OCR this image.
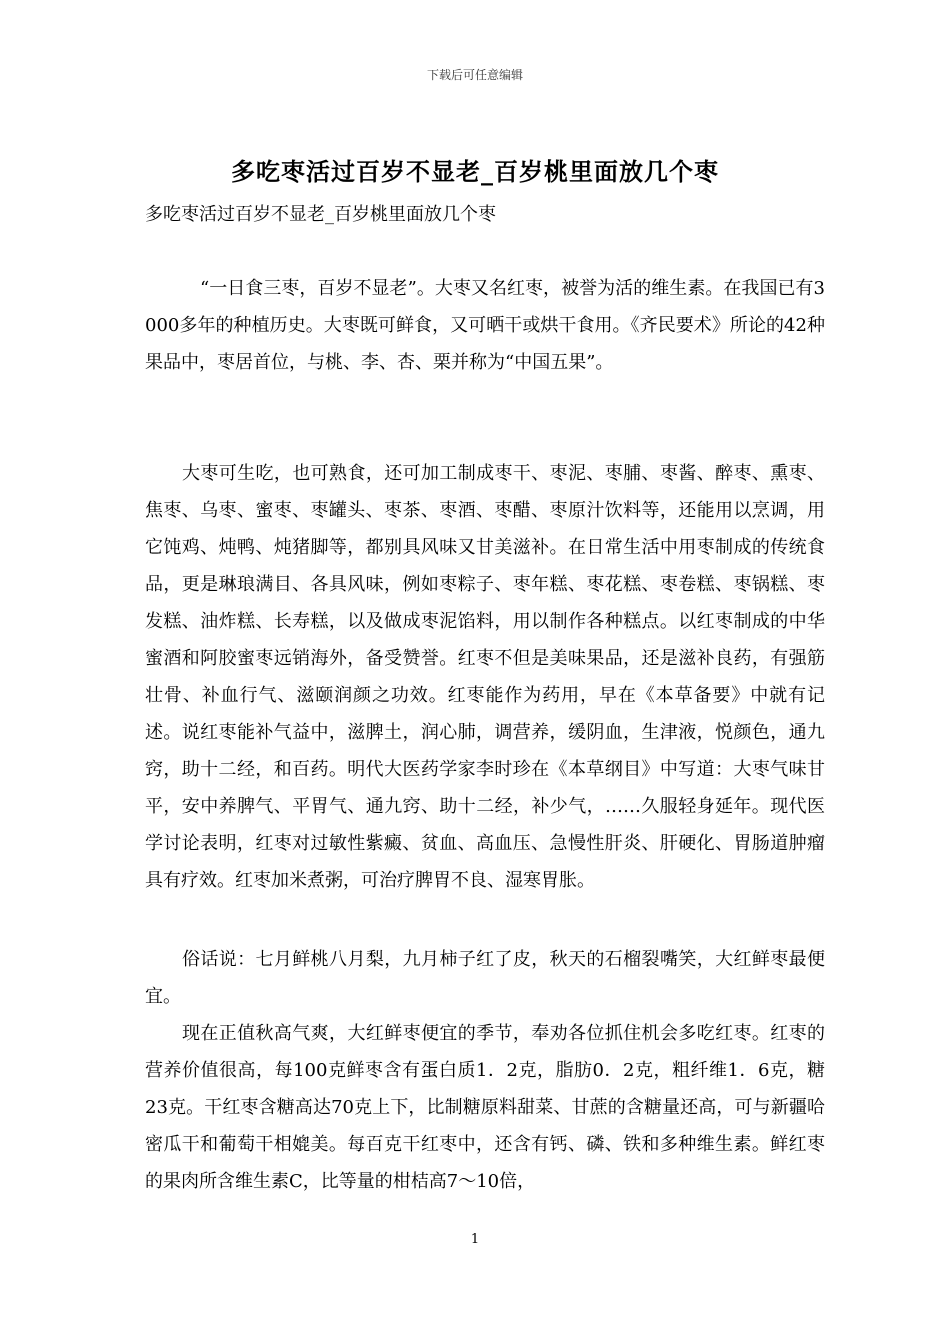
下载后可任意编辑
多吃枣活过百岁不显老_百岁桃里面放几个枣
多吃枣活过百岁不显老_百岁桃里面放几个枣
“一日食三枣，百岁不显老”。大枣又名红枣，被誉为活的维生素。在我国已有3 000多年的种植历史。大枣既可鲜食，又可晒干或烘干食用。《齐民要术》所论的42种果品中，枣居首位，与桃、李、杏、栗并称为“中国五果”。

大枣可生吃，也可熟食，还可加工制成枣干、枣泥、枣脯、枣酱、醉枣、熏枣、焦枣、乌枣、蜜枣、枣罐头、枣茶、枣酒、枣醋、枣原汁饮料等，还能用以烹调，用它饨鸡、炖鸭、炖猪脚等，都别具风味又甘美滋补。在日常生活中用枣制成的传统食品，更是琳琅满目、各具风味，例如枣粽子、枣年糕、枣花糕、枣卷糕、枣锅糕、枣发糕、油炸糕、长寿糕，以及做成枣泥馅料，用以制作各种糕点。以红枣制成的中华蜜酒和阿胶蜜枣远销海外，备受赞誉。红枣不但是美味果品，还是滋补良药，有强筋壮骨、补血行气、滋颐润颜之功效。红枣能作为药用，早在《本草备要》中就有记述。说红枣能补气益中，滋脾土，润心肺，调营养，缓阴血，生津液，悦颜色，通九窍，助十二经，和百药。明代大医药学家李时珍在《本草纲目》中写道：大枣气味甘平，安中养脾气、平胃气、通九窍、助十二经，补少气，……久服轻身延年。现代医学讨论表明，红枣对过敏性紫癜、贫血、高血压、急慢性肝炎、肝硬化、胃肠道肿瘤具有疗效。红枣加米煮粥，可治疗脾胃不良、湿寒胃胀。

俗话说：七月鲜桃八月梨，九月柿子红了皮，秋天的石榴裂嘴笑，大红鲜枣最便宜。

现在正值秋高气爽，大红鲜枣便宜的季节，奉劝各位抓住机会多吃红枣。红枣的营养价值很高，每100克鲜枣含有蛋白质1．2克，脂肪0．2克，粗纤维1．6克，糖23克。干红枣含糖高达70克上下，比制糖原料甜菜、甘蔗的含糖量还高，可与新疆哈密瓜干和葡萄干相媲美。每百克干红枣中，还含有钙、磷、铁和多种维生素。鲜红枣的果肉所含维生素C，比等量的柑桔高7～10倍，

1
